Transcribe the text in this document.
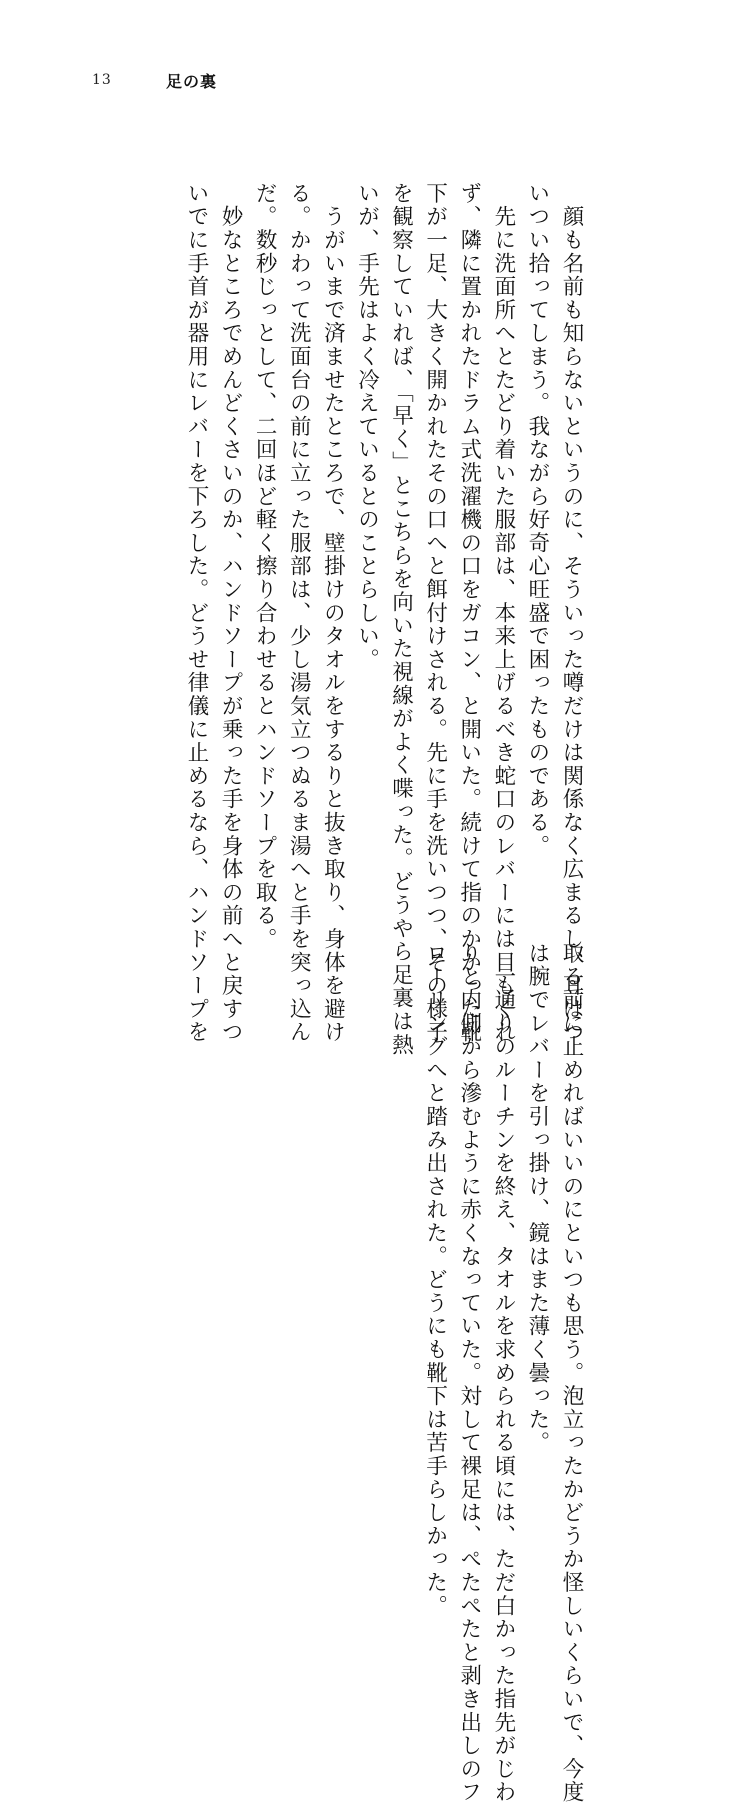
13	足の裏
　顔も名前も知らないというのに、そういった噂だけは関係なく広まるし、耳はつ いつい拾ってしまう。我ながら好奇心旺盛で困ったものである。 　先に洗面所へとたどり着いた服部は、本来上げるべき蛇口のレバーには目もくれ ず、隣に置かれたドラム式洗濯機の口をガコン、と開いた。続けて指のかかった靴 下が一足、大きく開かれたその口へと餌付けされる。先に手を洗いつつ、その様子 を観察していれば、「早く」とこちらを向いた視線がよく喋った。どうやら足裏は熱 いが、手先はよく冷えているとのことらしい。 　うがいまで済ませたところで、壁掛けのタオルをするりと抜き取り、身体を避け る。かわって洗面台の前に立った服部は、少し湯気立つぬるま湯へと手を突っ込ん だ。数秒じっとして、二回ほど軽く擦り合わせるとハンドソープを取る。 　妙なところでめんどくさいのか、ハンドソープが乗った手を身体の前へと戻すつ いでに手首が器用にレバーを下ろした。どうせ律儀に止めるなら、ハンドソープを 取る前に止めればいいのにといつも思う。泡立ったかどうか怪しいくらいで、今度 は腕でレバーを引っ掛け、鏡はまた薄く曇った。 　一通りのルーチンを終え、タオルを求められる頃には、ただ白かった指先がじわ りと内側から滲むように赤くなっていた。対して裸足は、ぺたぺたと剥き出しのフ ローリングへと踏み出された。どうにも靴下は苦手らしかった。
